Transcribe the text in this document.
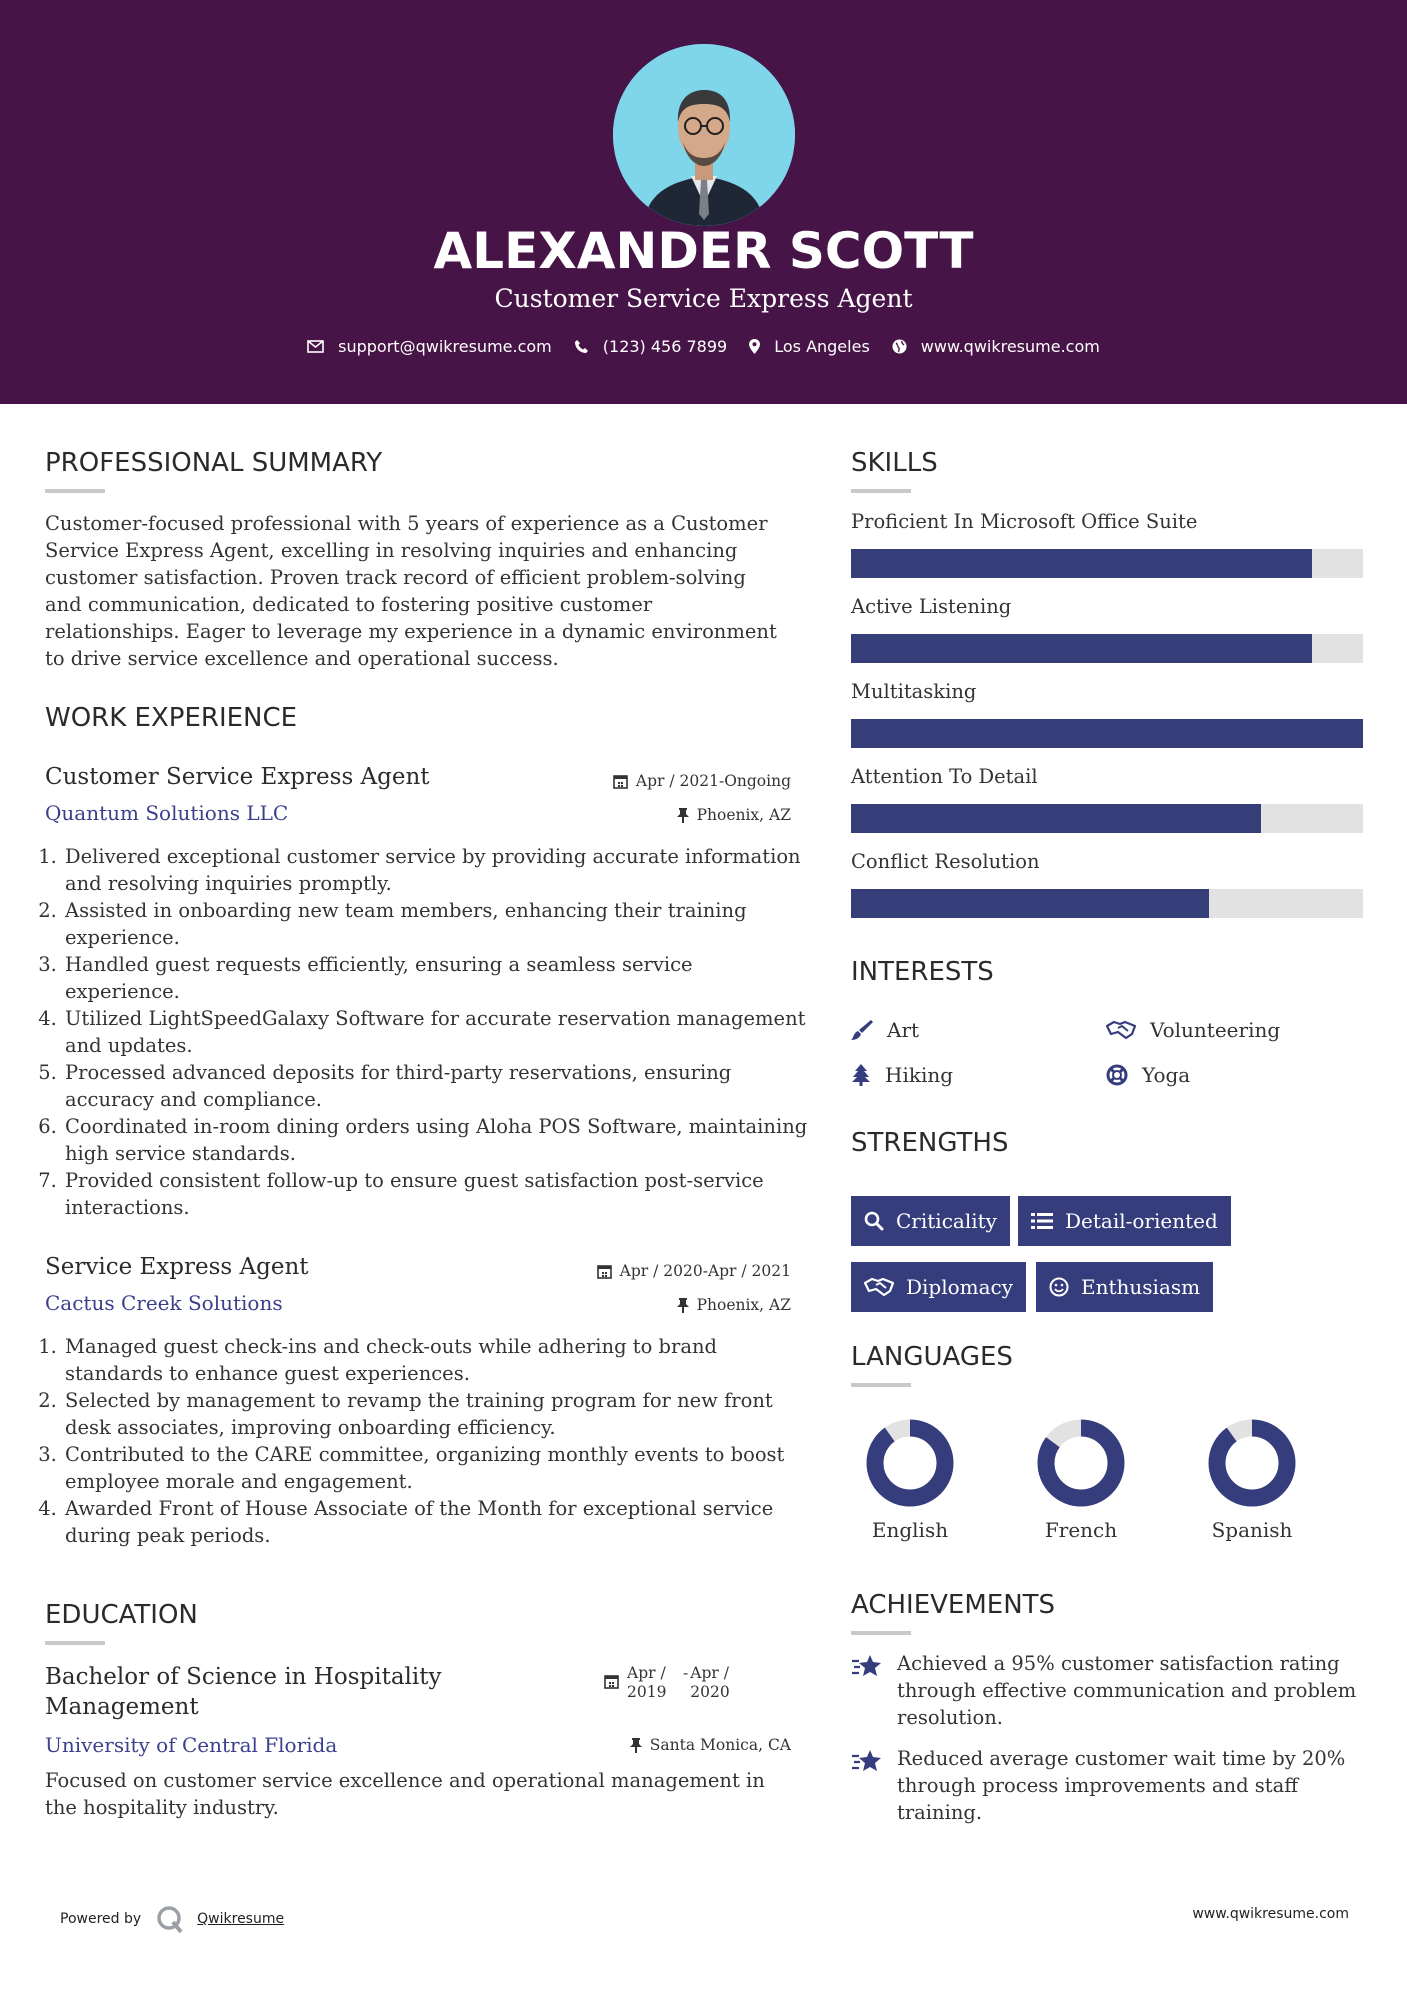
ALEXANDER SCOTT
Customer Service Express Agent
support@qwikresume.com	(123) 456 7899	Los Angeles	www.qwikresume.com
PROFESSIONAL SUMMARY
Customer-focused professional with 5 years of experience as a Customer Service Express Agent, excelling in resolving inquiries and enhancing customer satisfaction. Proven track record of efficient problem-solving and communication, dedicated to fostering positive customer relationships. Eager to leverage my experience in a dynamic environment to drive service excellence and operational success.
WORK EXPERIENCE
Customer Service Express Agent	Apr / 2021-Ongoing
Quantum Solutions LLC	Phoenix, AZ
1. Delivered exceptional customer service by providing accurate information and resolving inquiries promptly.
2. Assisted in onboarding new team members, enhancing their training experience.
3. Handled guest requests efficiently, ensuring a seamless service experience.
4. Utilized LightSpeedGalaxy Software for accurate reservation management and updates.
5. Processed advanced deposits for third-party reservations, ensuring accuracy and compliance.
6. Coordinated in-room dining orders using Aloha POS Software, maintaining high service standards.
7. Provided consistent follow-up to ensure guest satisfaction post-service interactions.
Service Express Agent	Apr / 2020-Apr / 2021
Cactus Creek Solutions	Phoenix, AZ
1. Managed guest check-ins and check-outs while adhering to brand standards to enhance guest experiences.
2. Selected by management to revamp the training program for new front desk associates, improving onboarding efficiency.
3. Contributed to the CARE committee, organizing monthly events to boost employee morale and engagement.
4. Awarded Front of House Associate of the Month for exceptional service during peak periods.
EDUCATION
Bachelor of Science in Hospitality Management
Apr / 2019
- Apr / 2020
University of Central Florida	Santa Monica, CA
Focused on customer service excellence and operational management in the hospitality industry.
SKILLS
Proficient In Microsoft Office Suite
Active Listening
Multitasking
Attention To Detail
Conflict Resolution
INTERESTS
Art	Volunteering
Hiking	Yoga
STRENGTHS
Criticality	Detail-oriented
Diplomacy	Enthusiasm
LANGUAGES
English	French	Spanish
ACHIEVEMENTS
Achieved a 95% customer satisfaction rating through effective communication and problem resolution.
Reduced average customer wait time by 20% through process improvements and staff training.
Powered by	Qwikresume	www.qwikresume.com
